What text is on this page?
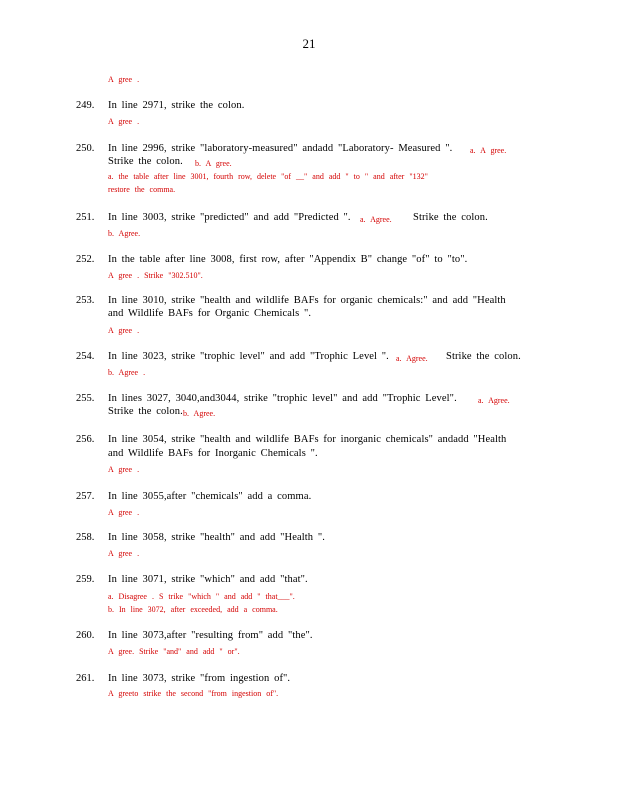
21
A gree .
249. In line 2971, strike the colon.
A gree .
250. In line 2996, strike "laboratory-measured" andadd "Laboratory- Measured ". a. A gree.
Strike the colon. b. A gree.
a. the table after line 3001, fourth row, delete "of __" and add " to " and after "132"
restore the comma.
251. In line 3003, strike "predicted" and add "Predicted ". a. Agree. Strike the colon.
b. Agree.
252. In the table after line 3008, first row, after "Appendix B" change "of" to "to".
A gree . Strike "302.510".
253. In line 3010, strike "health and wildlife BAFs for organic chemicals:" and add "Health
and Wildlife BAFs for Organic Chemicals ".
A gree .
254. In line 3023, strike "trophic level" and add "Trophic Level ". a. Agree. Strike the colon.
b. Agree .
255. In lines 3027, 3040,and3044, strike "trophic level" and add "Trophic Level".	a. Agree.
Strike the colon. b. Agree.
256. In line 3054, strike "health and wildlife BAFs for inorganic chemicals" andadd "Health
and Wildlife BAFs for Inorganic Chemicals ".
A gree .
257. In line 3055,after "chemicals" add a comma.
A gree .
258. In line 3058, strike "health" and add "Health ".
A gree .
259. In line 3071, strike "which" and add "that".
a. Disagree . S trike "which " and add " that___".
b. In line 3072, after exceeded, add a comma.
260. In line 3073,after "resulting from" add "the".
A gree. Strike "and" and add " or".
261. In line 3073, strike "from ingestion of".
A greeto strike the second "from ingestion of".
